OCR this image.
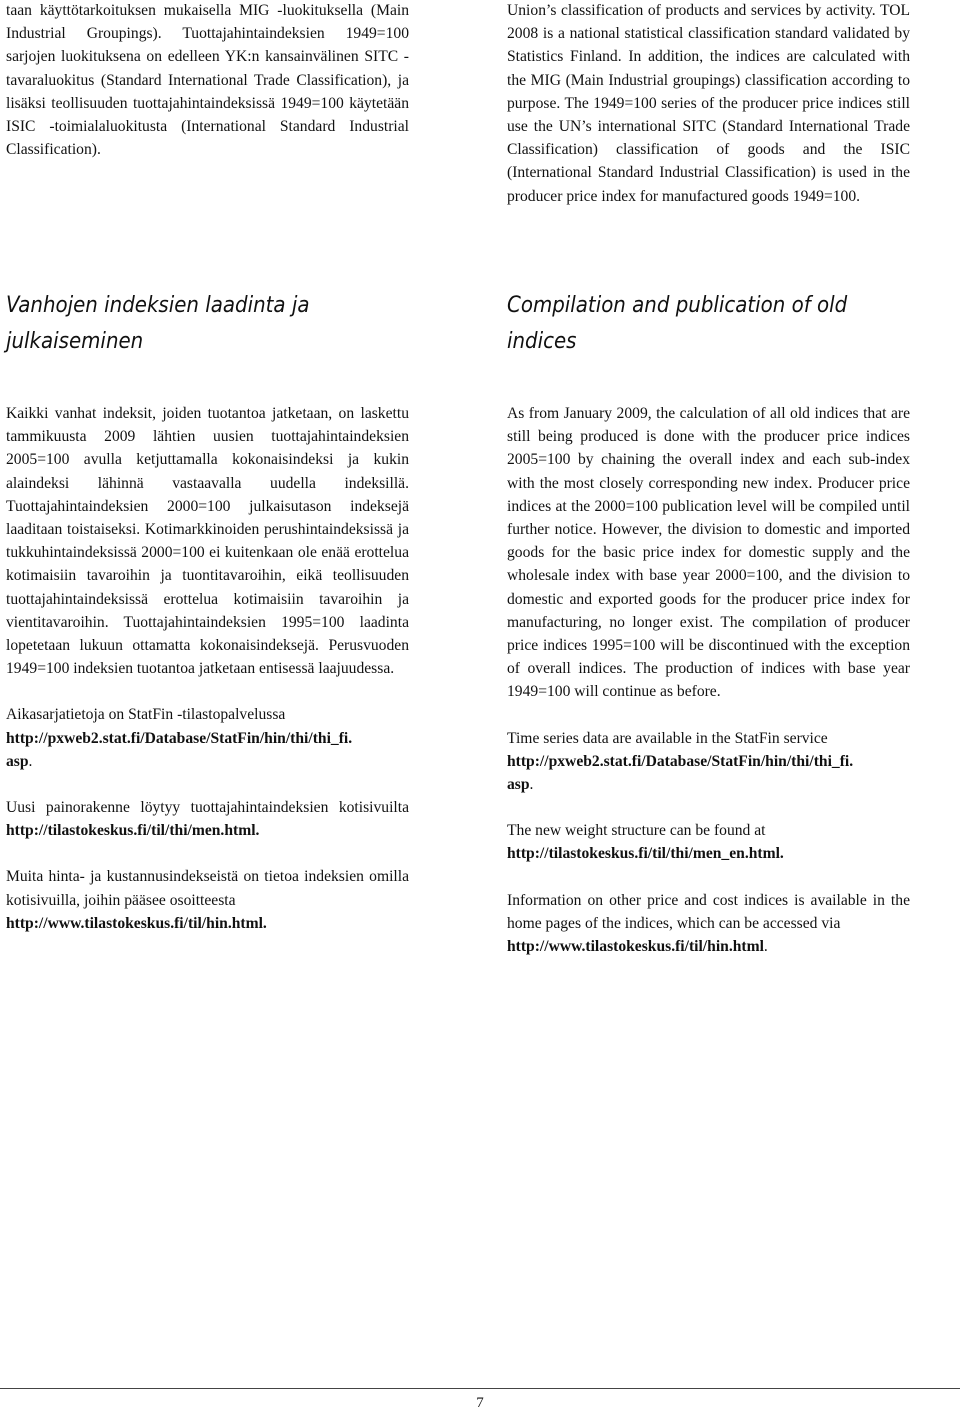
taan käyttötarkoituksen mukaisella MIG -luokituksella (Main Industrial Groupings). Tuottajahintaindeksien 1949=100 sarjojen luokituksena on edelleen YK:n kansainvälinen SITC -tavaraluokitus (Standard International Trade Classification), ja lisäksi teollisuuden tuottajahintaindeksissä 1949=100 käytetään ISIC -toimialaluokitusta (International Standard Industrial Classification).

Vanhojen indeksien laadinta ja
julkaiseminen

Kaikki vanhat indeksit, joiden tuotantoa jatketaan, on laskettu tammikuusta 2009 lähtien uusien tuottajahintaindeksien 2005=100 avulla ketjuttamalla kokonaisindeksi ja kukin alaindeksi lähinnä vastaavalla uudella indeksillä. Tuottajahintaindeksien 2000=100 julkaisutason indeksejä laaditaan toistaiseksi. Kotimarkkinoiden perushintaindeksissä ja tukkuhintaindeksissä 2000=100 ei kuitenkaan ole enää erottelua kotimaisiin tavaroihin ja tuontitavaroihin, eikä teollisuuden tuottajahintaindeksissä erottelua kotimaisiin tavaroihin ja vientitavaroihin. Tuottajahintaindeksien 1995=100 laadinta lopetetaan lukuun ottamatta kokonaisindeksejä. Perusvuoden 1949=100 indeksien tuotantoa jatketaan entisessä laajuudessa.

Aikasarjatietoja on StatFin -tilastopalvelussa
http://pxweb2.stat.fi/Database/StatFin/hin/thi/thi_fi.
asp.

Uusi painorakenne löytyy tuottajahintaindeksien kotisivuilta http://tilastokeskus.fi/til/thi/men.html.

Muita hinta- ja kustannusindekseistä on tietoa indeksien omilla kotisivuilla, joihin pääsee osoitteesta
http://www.tilastokeskus.fi/til/hin.html.

Union’s classification of products and services by activity. TOL 2008 is a national statistical classification standard validated by Statistics Finland. In addition, the indices are calculated with the MIG (Main Industrial groupings) classification according to purpose. The 1949=100 series of the producer price indices still use the UN’s international SITC (Standard International Trade Classification) classification of goods and the ISIC (International Standard Industrial Classification) is used in the producer price index for manufactured goods 1949=100.

Compilation and publication of old
indices

As from January 2009, the calculation of all old indices that are still being produced is done with the producer price indices 2005=100 by chaining the overall index and each sub-index with the most closely corresponding new index. Producer price indices at the 2000=100 publication level will be compiled until further notice. However, the division to domestic and imported goods for the basic price index for domestic supply and the wholesale index with base year 2000=100, and the division to domestic and exported goods for the producer price index for manufacturing, no longer exist. The compilation of producer price indices 1995=100 will be discontinued with the exception of overall indices. The production of indices with base year 1949=100 will continue as before.

Time series data are available in the StatFin service
http://pxweb2.stat.fi/Database/StatFin/hin/thi/thi_fi.
asp.

The new weight structure can be found at
http://tilastokeskus.fi/til/thi/men_en.html.

Information on other price and cost indices is available in the home pages of the indices, which can be accessed via
http://www.tilastokeskus.fi/til/hin.html.

7
